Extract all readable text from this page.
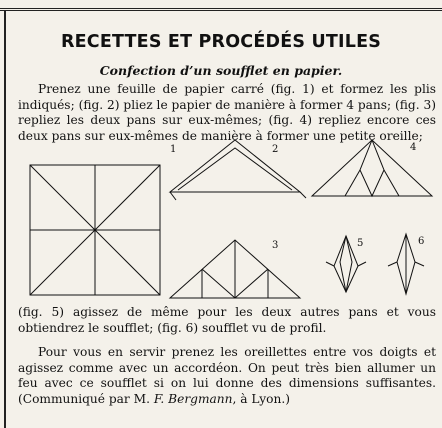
RECETTES ET PROCÉDÉS UTILES
Confection d’un soufflet en papier.
Prenez une feuille de papier carré (fig. 1) et formez les plis indiqués; (fig. 2) pliez le papier de manière à former 4 pans; (fig. 3) repliez les deux pans sur eux-mêmes; (fig. 4) repliez encore ces deux pans sur eux-mêmes de manière à former une petite oreille;
1	2
3
4
5	6
(fig. 5) agissez de même pour les deux autres pans et vous obtiendrez le soufflet; (fig. 6) soufflet vu de profil.
Pour vous en servir prenez les oreillettes entre vos doigts et agissez comme avec un accordéon. On peut très bien allumer un feu avec ce soufflet si on lui donne des dimensions suffisantes. (Communiqué par M. F. Bergmann, à Lyon.)
